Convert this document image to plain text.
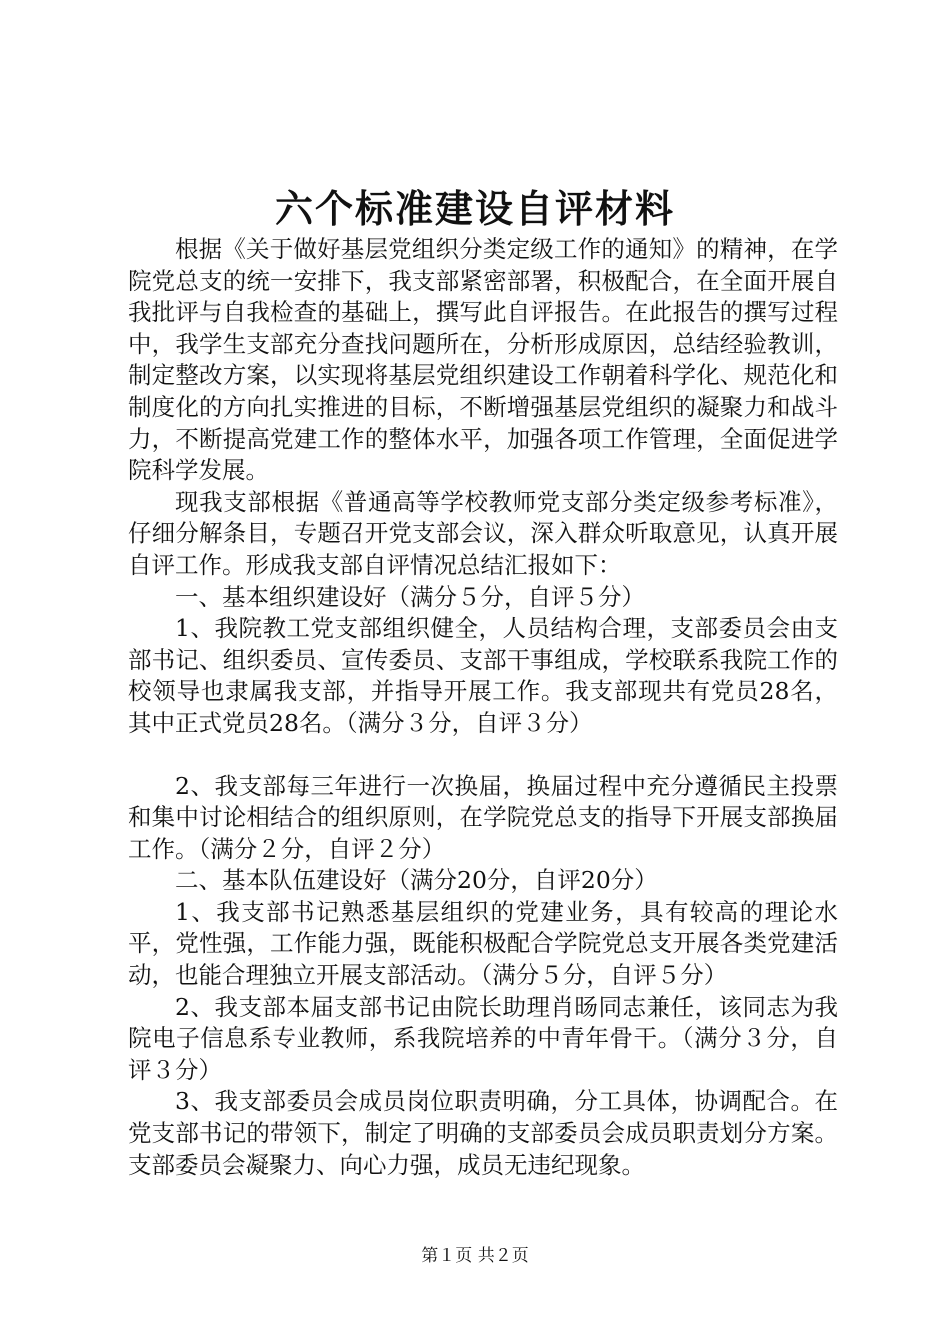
六个标准建设自评材料

根据《关于做好基层党组织分类定级工作的通知》的精神，在学院党总支的统一安排下，我支部紧密部署，积极配合，在全面开展自我批评与自我检查的基础上，撰写此自评报告。在此报告的撰写过程中，我学生支部充分查找问题所在，分析形成原因，总结经验教训，制定整改方案，以实现将基层党组织建设工作朝着科学化、规范化和制度化的方向扎实推进的目标，不断增强基层党组织的凝聚力和战斗力，不断提高党建工作的整体水平，加强各项工作管理，全面促进学院科学发展。

现我支部根据《普通高等学校教师党支部分类定级参考标准》，仔细分解条目，专题召开党支部会议，深入群众听取意见，认真开展自评工作。形成我支部自评情况总结汇报如下：

一、基本组织建设好（满分５分，自评５分）

1、我院教工党支部组织健全，人员结构合理，支部委员会由支部书记、组织委员、宣传委员、支部干事组成，学校联系我院工作的校领导也隶属我支部，并指导开展工作。我支部现共有党员28名，其中正式党员28名。（满分３分，自评３分）

2、我支部每三年进行一次换届，换届过程中充分遵循民主投票和集中讨论相结合的组织原则，在学院党总支的指导下开展支部换届工作。（满分２分，自评２分）

二、基本队伍建设好（满分20分，自评20分）

1、我支部书记熟悉基层组织的党建业务，具有较高的理论水平，党性强，工作能力强，既能积极配合学院党总支开展各类党建活动，也能合理独立开展支部活动。（满分５分，自评５分）

2、我支部本届支部书记由院长助理肖旸同志兼任，该同志为我院电子信息系专业教师，系我院培养的中青年骨干。（满分３分，自评３分）

3、我支部委员会成员岗位职责明确，分工具体，协调配合。在党支部书记的带领下，制定了明确的支部委员会成员职责划分方案。支部委员会凝聚力、向心力强，成员无违纪现象。

第１页 共２页
